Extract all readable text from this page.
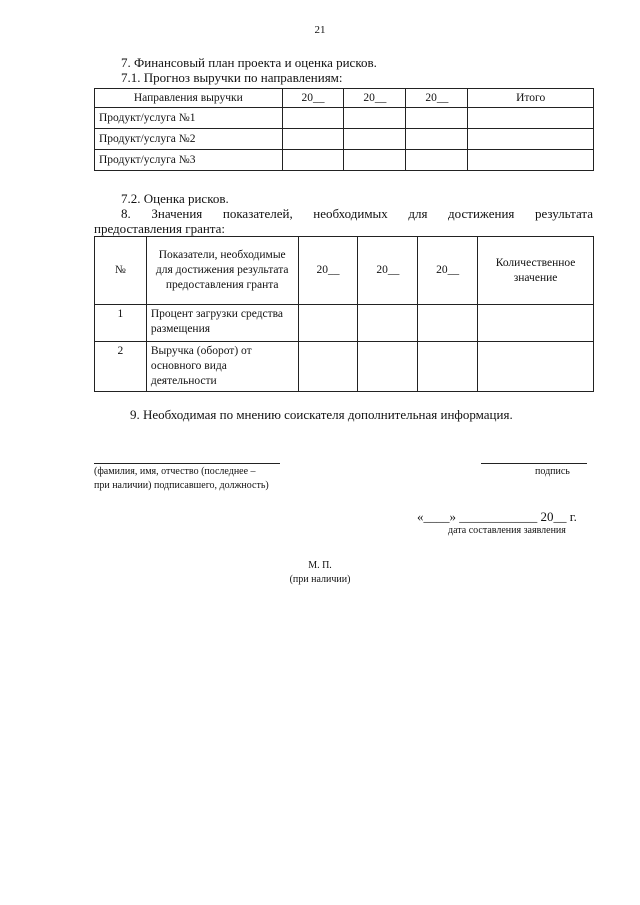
21
7. Финансовый план проекта и оценка рисков.
7.1. Прогноз выручки по направлениям:
Направления выручки	20__	20__	20__	Итого
Продукт/услуга №1				
Продукт/услуга №2				
Продукт/услуга №3				
7.2. Оценка рисков.
8. Значения показателей, необходимых для достижения результата
предоставления гранта:
№	Показатели, необходимые для достижения результата предоставления гранта	20__	20__	20__	Количественное значение
1	Процент загрузки средства размещения				
2	Выручка (оборот) от основного вида деятельности				
9. Необходимая по мнению соискателя дополнительная информация.
(фамилия, имя, отчество (последнее –
при наличии) подписавшего, должность)
подпись
«____» ____________ 20__ г.
дата составления заявления
М. П.
(при наличии)
